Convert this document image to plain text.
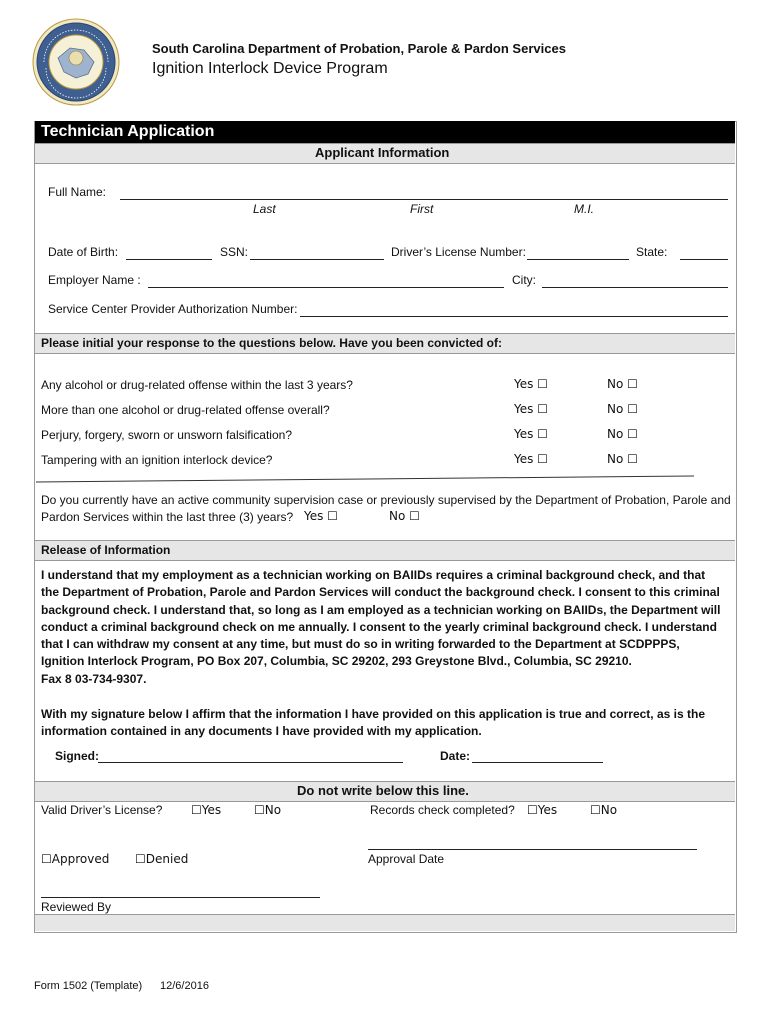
South Carolina Department of Probation, Parole & Pardon Services
Ignition Interlock Device Program
Technician Application
Applicant Information
Full Name:
Last	First	M.I.
Date of Birth:	SSN:	Driver’s License Number:	State:
Employer Name :	City:
Service Center Provider Authorization Number:
Please initial your response to the questions below. Have you been convicted of:
Any alcohol or drug-related offense within the last 3 years?	Yes ☐	No ☐
More than one alcohol or drug-related offense overall?	Yes ☐	No ☐
Perjury, forgery, sworn or unsworn falsification?	Yes ☐	No ☐
Tampering with an ignition interlock device?	Yes ☐	No ☐
Do you currently have an active community supervision case or previously supervised by the Department of Probation, Parole and
Pardon Services within the last three (3) years? Yes ☐	No ☐
Release of Information
I understand that my employment as a technician working on BAIIDs requires a criminal background check, and that
the Department of Probation, Parole and Pardon Services will conduct the background check. I consent to this criminal
background check. I understand that, so long as I am employed as a technician working on BAIIDs, the Department will
conduct a criminal background check on me annually. I consent to the yearly criminal background check. I understand
that I can withdraw my consent at any time, but must do so in writing forwarded to the Department at SCDPPPS,
Ignition Interlock Program, PO Box 207, Columbia, SC 29202, 293 Greystone Blvd., Columbia, SC 29210.
Fax 8 03-734-9307.
With my signature below I affirm that the information I have provided on this application is true and correct, as is the
information contained in any documents I have provided with my application.
Signed:	Date:
Do not write below this line.
Valid Driver’s License? ☐Yes	☐No	Records check completed? ☐Yes	☐No
☐Approved ☐Denied	Approval Date
Reviewed By
Form 1502 (Template) 12/6/2016
